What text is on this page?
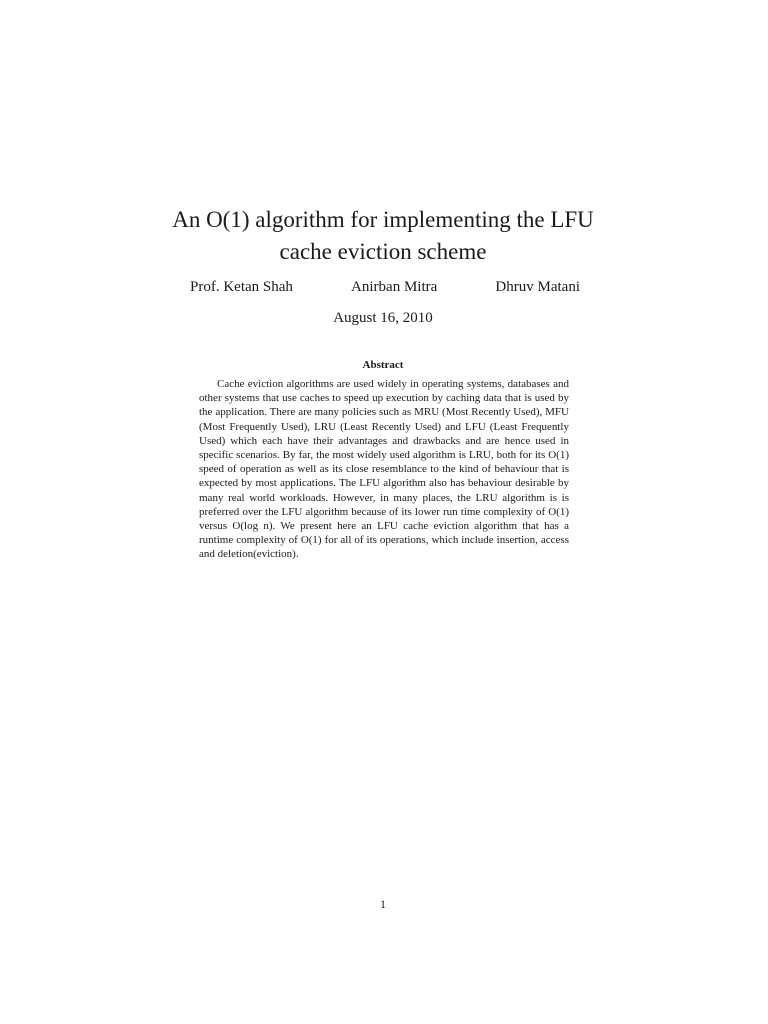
An O(1) algorithm for implementing the LFU cache eviction scheme
Prof. Ketan Shah	Anirban Mitra	Dhruv Matani
August 16, 2010
Abstract

Cache eviction algorithms are used widely in operating systems, databases and other systems that use caches to speed up execution by caching data that is used by the application. There are many policies such as MRU (Most Recently Used), MFU (Most Frequently Used), LRU (Least Recently Used) and LFU (Least Frequently Used) which each have their advantages and drawbacks and are hence used in specific scenarios. By far, the most widely used algorithm is LRU, both for its O(1) speed of operation as well as its close resemblance to the kind of behaviour that is expected by most applications. The LFU algorithm also has behaviour desirable by many real world workloads. However, in many places, the LRU algorithm is is preferred over the LFU algorithm because of its lower run time complexity of O(1) versus O(log n). We present here an LFU cache eviction algorithm that has a runtime complexity of O(1) for all of its operations, which include insertion, access and deletion(eviction).

1
